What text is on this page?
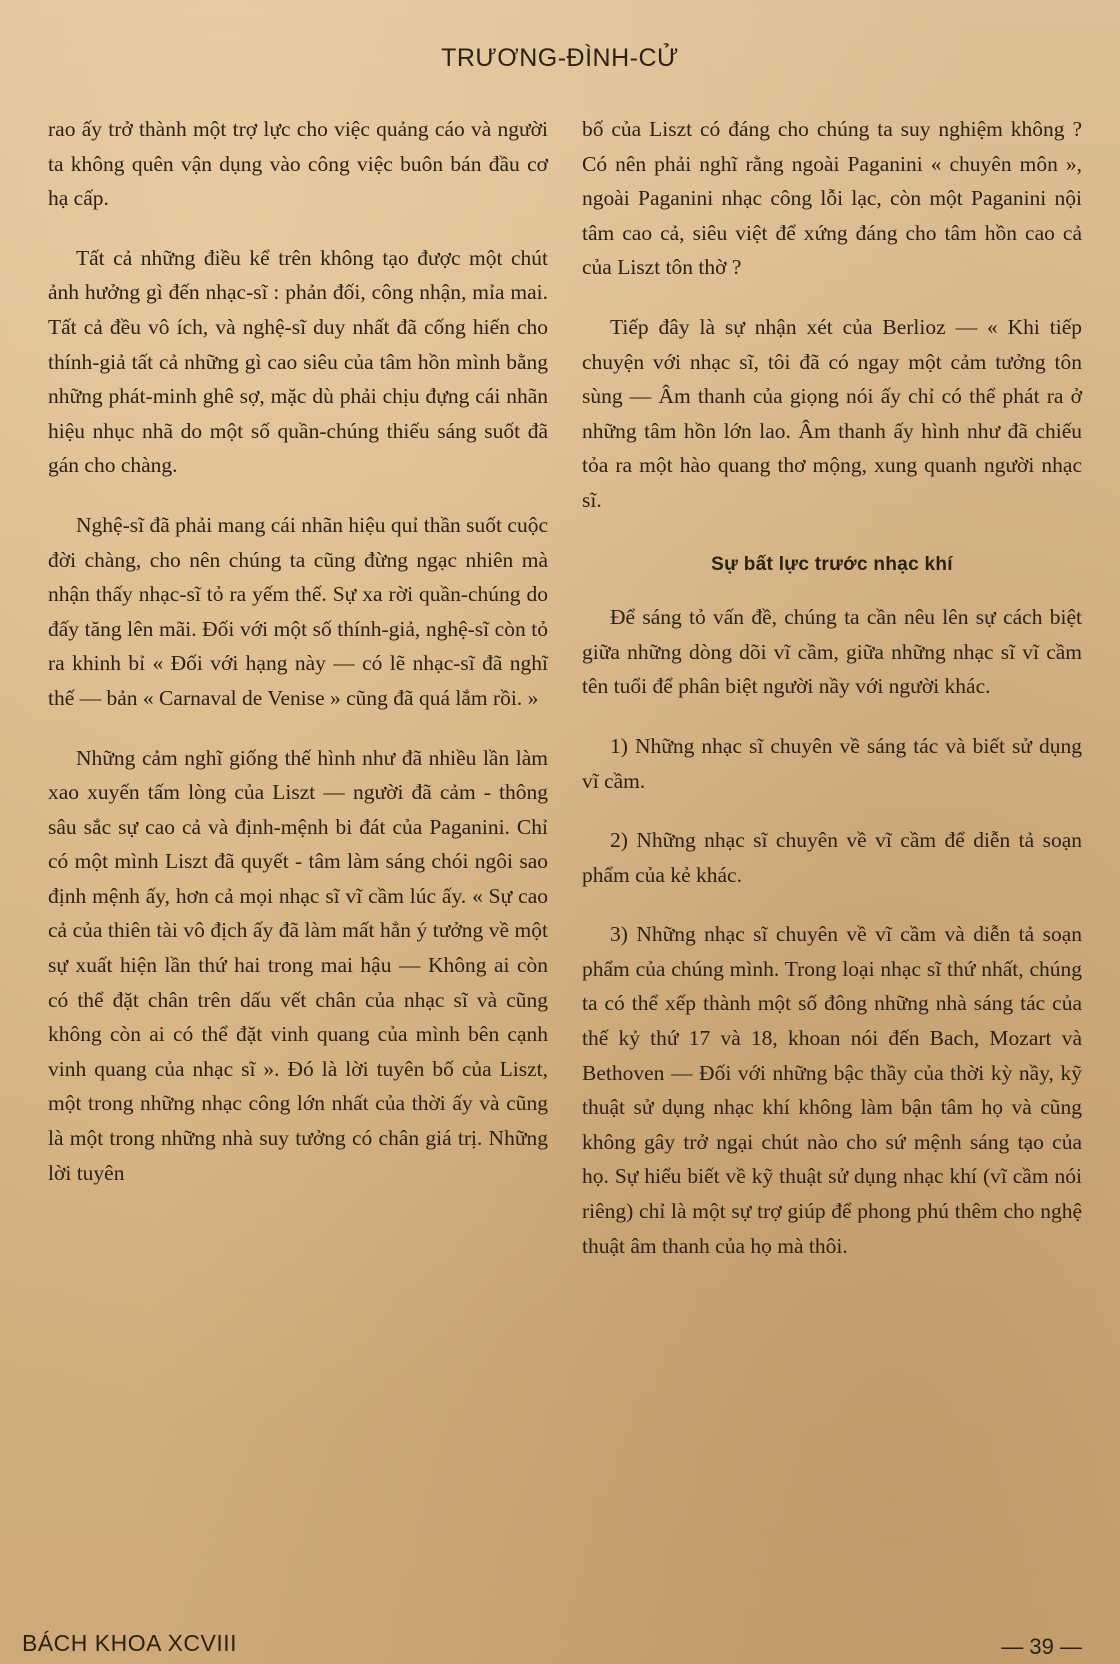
TRƯƠNG-ĐÌNH-CỬ

rao ấy trở thành một trợ lực cho việc quảng cáo và người ta không quên vận dụng vào công việc buôn bán đầu cơ hạ cấp.

Tất cả những điều kể trên không tạo được một chút ảnh hưởng gì đến nhạc-sĩ : phản đối, công nhận, mỉa mai. Tất cả đều vô ích, và nghệ-sĩ duy nhất đã cống hiến cho thính-giả tất cả những gì cao siêu của tâm hồn mình bằng những phát-minh ghê sợ, mặc dù phải chịu đựng cái nhãn hiệu nhục nhã do một số quần-chúng thiếu sáng suốt đã gán cho chàng.

Nghệ-sĩ đã phải mang cái nhãn hiệu quỉ thần suốt cuộc đời chàng, cho nên chúng ta cũng đừng ngạc nhiên mà nhận thấy nhạc-sĩ tỏ ra yếm thế. Sự xa rời quần-chúng do đấy tăng lên mãi. Đối với một số thính-giả, nghệ-sĩ còn tỏ ra khinh bỉ « Đối với hạng này — có lẽ nhạc-sĩ đã nghĩ thế — bản « Carnaval de Venise » cũng đã quá lắm rồi. »

Những cảm nghĩ giống thế hình như đã nhiều lần làm xao xuyến tấm lòng của Liszt — người đã cảm - thông sâu sắc sự cao cả và định-mệnh bi đát của Paganini. Chỉ có một mình Liszt đã quyết - tâm làm sáng chói ngôi sao định mệnh ấy, hơn cả mọi nhạc sĩ vĩ cầm lúc ấy. « Sự cao cả của thiên tài vô địch ấy đã làm mất hẳn ý tưởng về một sự xuất hiện lần thứ hai trong mai hậu — Không ai còn có thể đặt chân trên dấu vết chân của nhạc sĩ và cũng không còn ai có thể đặt vinh quang của mình bên cạnh vinh quang của nhạc sĩ ». Đó là lời tuyên bố của Liszt, một trong những nhạc công lớn nhất của thời ấy và cũng là một trong những nhà suy tưởng có chân giá trị. Những lời tuyên

bố của Liszt có đáng cho chúng ta suy nghiệm không ? Có nên phải nghĩ rằng ngoài Paganini « chuyên môn », ngoài Paganini nhạc công lỗi lạc, còn một Paganini nội tâm cao cả, siêu việt để xứng đáng cho tâm hồn cao cả của Liszt tôn thờ ?

Tiếp đây là sự nhận xét của Berlioz — « Khi tiếp chuyện với nhạc sĩ, tôi đã có ngay một cảm tưởng tôn sùng — Âm thanh của giọng nói ấy chỉ có thể phát ra ở những tâm hồn lớn lao. Âm thanh ấy hình như đã chiếu tỏa ra một hào quang thơ mộng, xung quanh người nhạc sĩ.

Sự bất lực trước nhạc khí

Để sáng tỏ vấn đề, chúng ta cần nêu lên sự cách biệt giữa những dòng dõi vĩ cầm, giữa những nhạc sĩ vĩ cầm tên tuổi để phân biệt người nầy với người khác.

1) Những nhạc sĩ chuyên về sáng tác và biết sử dụng vĩ cầm.

2) Những nhạc sĩ chuyên về vĩ cầm để diễn tả soạn phẩm của kẻ khác.

3) Những nhạc sĩ chuyên về vĩ cầm và diễn tả soạn phẩm của chúng mình. Trong loại nhạc sĩ thứ nhất, chúng ta có thể xếp thành một số đông những nhà sáng tác của thế kỷ thứ 17 và 18, khoan nói đến Bach, Mozart và Bethoven — Đối với những bậc thầy của thời kỳ nầy, kỹ thuật sử dụng nhạc khí không làm bận tâm họ và cũng không gây trở ngại chút nào cho sứ mệnh sáng tạo của họ. Sự hiểu biết về kỹ thuật sử dụng nhạc khí (vĩ cầm nói riêng) chỉ là một sự trợ giúp để phong phú thêm cho nghệ thuật âm thanh của họ mà thôi.

BÁCH KHOA XCVIII	— 39 —
